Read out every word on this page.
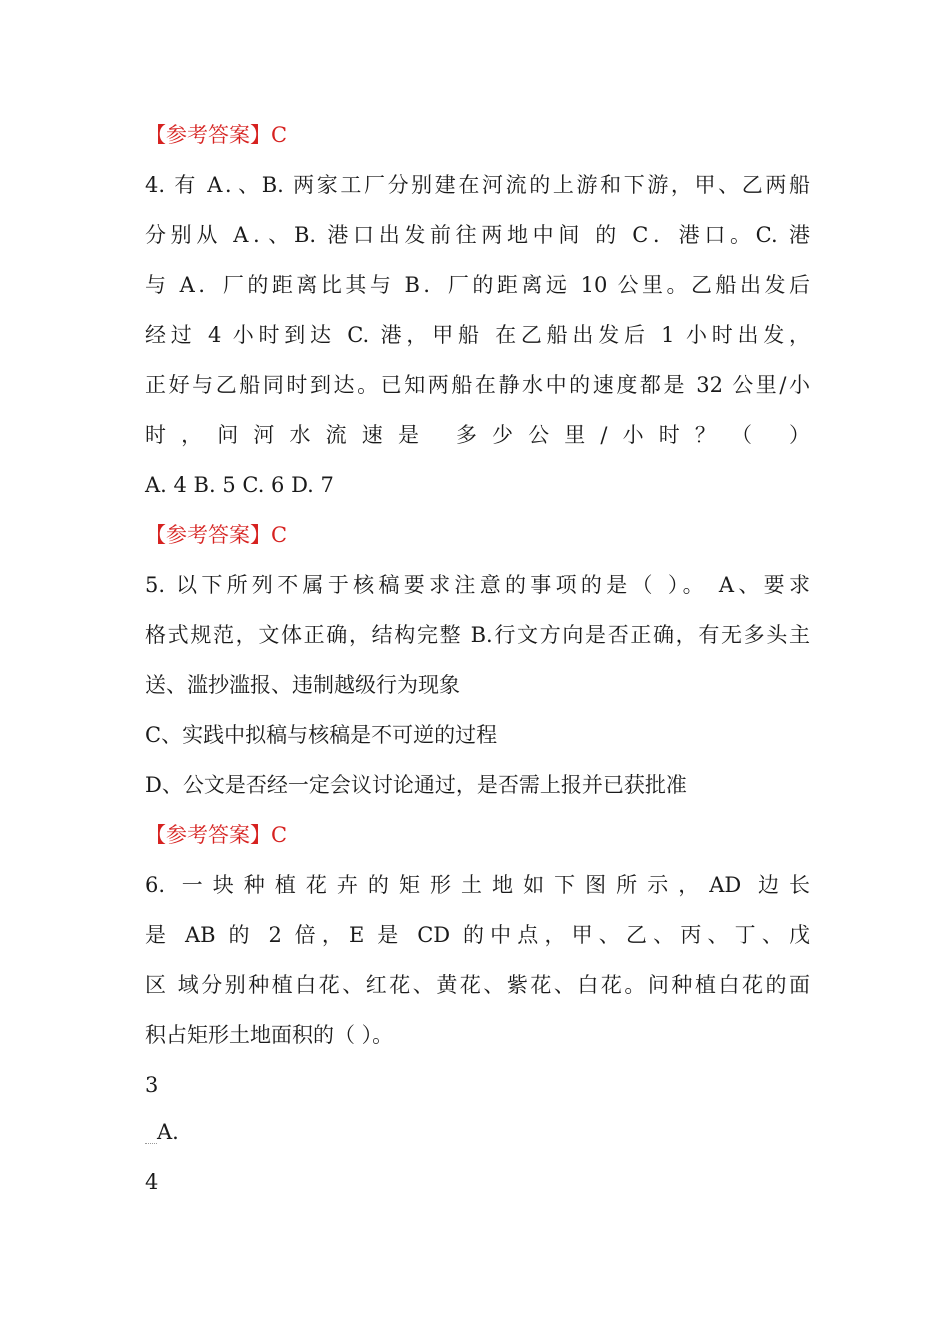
【参考答案】C
4. 有 A．、B. 两家工厂分别建在河流的上游和下游，甲、乙两船
分别从 A．、B. 港口出发前往两地中间 的 C．港口。C. 港
与 A．厂的距离比其与 B．厂的距离远 10 公里。乙船出发后
经过 4 小时到达 C. 港，甲船 在乙船出发后 1 小时出发，
正好与乙船同时到达。已知两船在静水中的速度都是 32 公里/小
时，问河水流速是 多少公里/小时？（ ）
A. 4 B. 5 C. 6 D. 7
【参考答案】C
5. 以下所列不属于核稿要求注意的事项的是（ ）。 A、要求
格式规范，文体正确，结构完整 B.行文方向是否正确，有无多头主
送、滥抄滥报、违制越级行为现象
C、实践中拟稿与核稿是不可逆的过程
D、公文是否经一定会议讨论通过，是否需上报并已获批准
【参考答案】C
6. 一块种植花卉的矩形土地如下图所示，AD 边长
是 AB 的 2 倍，E 是 CD 的中点，甲、乙、丙、丁、戊
区 域分别种植白花、红花、黄花、紫花、白花。问种植白花的面
积占矩形土地面积的（ ）。
3
A.
4
